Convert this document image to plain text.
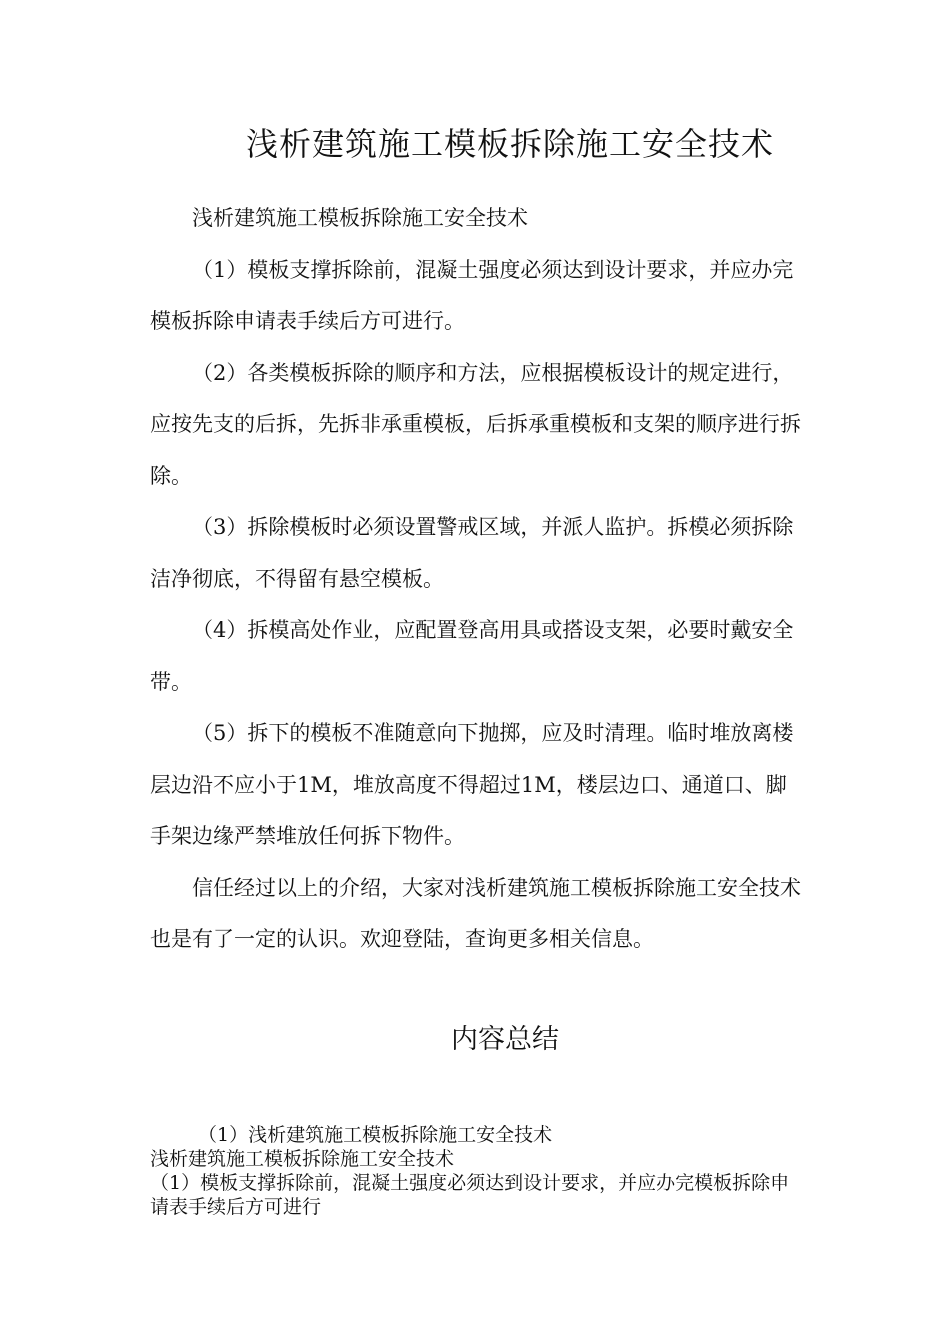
浅析建筑施工模板拆除施工安全技术

浅析建筑施工模板拆除施工安全技术

（1）模板支撑拆除前，混凝土强度必须达到设计要求，并应办完模板拆除申请表手续后方可进行。

（2）各类模板拆除的顺序和方法，应根据模板设计的规定进行，应按先支的后拆，先拆非承重模板，后拆承重模板和支架的顺序进行拆除。

（3）拆除模板时必须设置警戒区域，并派人监护。拆模必须拆除洁净彻底，不得留有悬空模板。

（4）拆模高处作业，应配置登高用具或搭设支架，必要时戴安全带。

（5）拆下的模板不准随意向下抛掷，应及时清理。临时堆放离楼层边沿不应小于1M，堆放高度不得超过1M，楼层边口、通道口、脚手架边缘严禁堆放任何拆下物件。

信任经过以上的介绍，大家对浅析建筑施工模板拆除施工安全技术也是有了一定的认识。欢迎登陆，查询更多相关信息。

内容总结
（1）浅析建筑施工模板拆除施工安全技术
浅析建筑施工模板拆除施工安全技术
（1）模板支撑拆除前，混凝土强度必须达到设计要求，并应办完模板拆除申请表手续后方可进行
